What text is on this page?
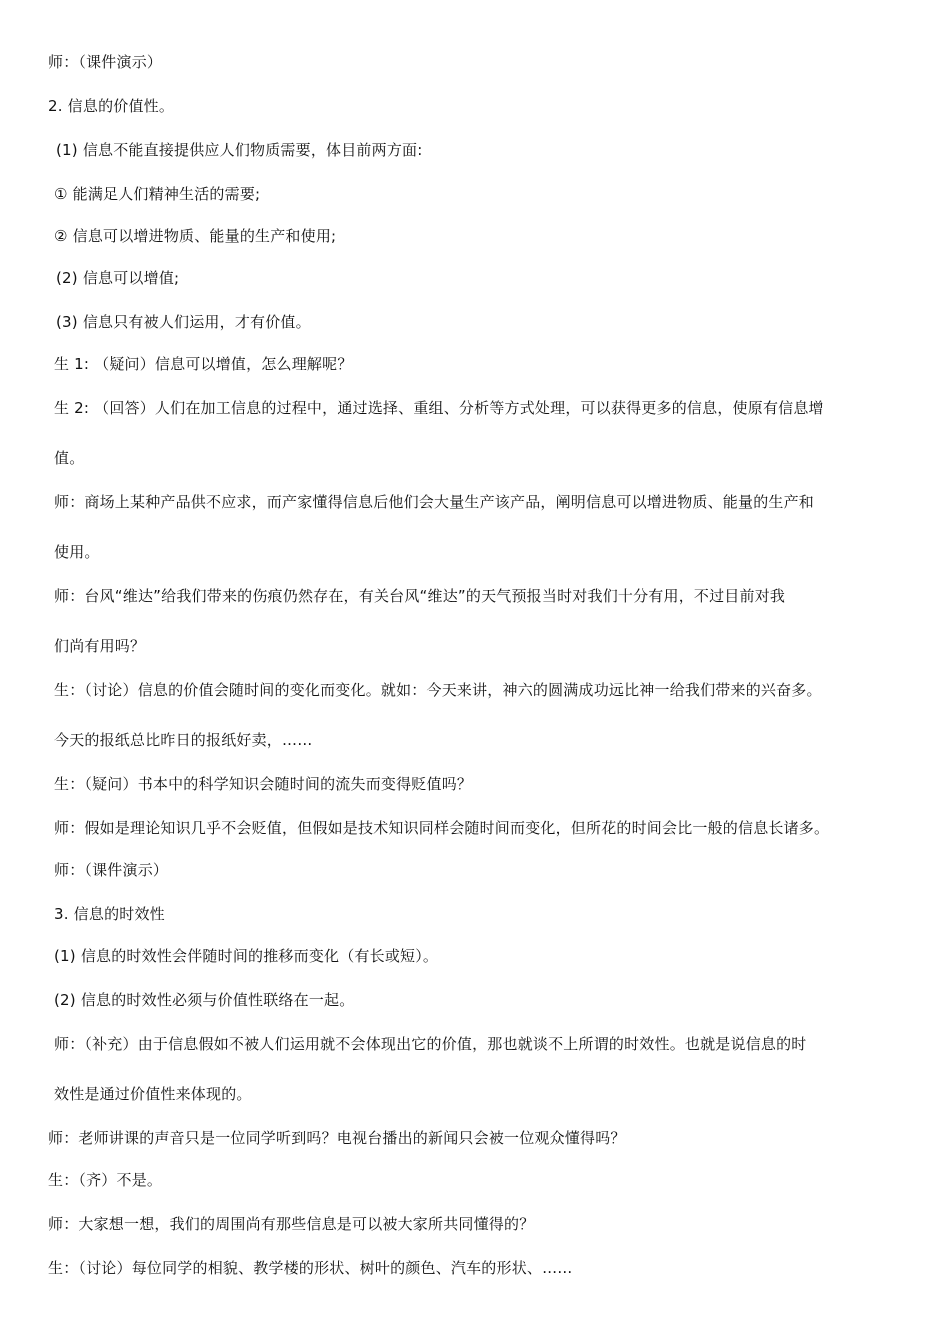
师：（课件演示）
2. 信息的价值性。
(1) 信息不能直接提供应人们物质需要，体目前两方面:
① 能满足人们精神生活的需要;
② 信息可以增进物质、能量的生产和使用;
(2) 信息可以增值;
(3) 信息只有被人们运用，才有价值。
生 1: （疑问）信息可以增值，怎么理解呢？
生 2: （回答）人们在加工信息的过程中，通过选择、重组、分析等方式处理，可以获得更多的信息，使原有信息增
值。
师：商场上某种产品供不应求，而产家懂得信息后他们会大量生产该产品，阐明信息可以增进物质、能量的生产和
使用。
师：台风“维达”给我们带来的伤痕仍然存在，有关台风“维达”的天气预报当时对我们十分有用，不过目前对我
们尚有用吗？
生：（讨论）信息的价值会随时间的变化而变化。就如：今天来讲，神六的圆满成功远比神一给我们带来的兴奋多。
今天的报纸总比昨日的报纸好卖，……
生：（疑问）书本中的科学知识会随时间的流失而变得贬值吗？
师：假如是理论知识几乎不会贬值，但假如是技术知识同样会随时间而变化，但所花的时间会比一般的信息长诸多。
师：（课件演示）
3. 信息的时效性
(1) 信息的时效性会伴随时间的推移而变化（有长或短）。
(2) 信息的时效性必须与价值性联络在一起。
师：（补充）由于信息假如不被人们运用就不会体现出它的价值，那也就谈不上所谓的时效性。也就是说信息的时
效性是通过价值性来体现的。
师：老师讲课的声音只是一位同学听到吗？电视台播出的新闻只会被一位观众懂得吗？
生：（齐）不是。
师：大家想一想，我们的周围尚有那些信息是可以被大家所共同懂得的？
生：（讨论）每位同学的相貌、教学楼的形状、树叶的颜色、汽车的形状、……
